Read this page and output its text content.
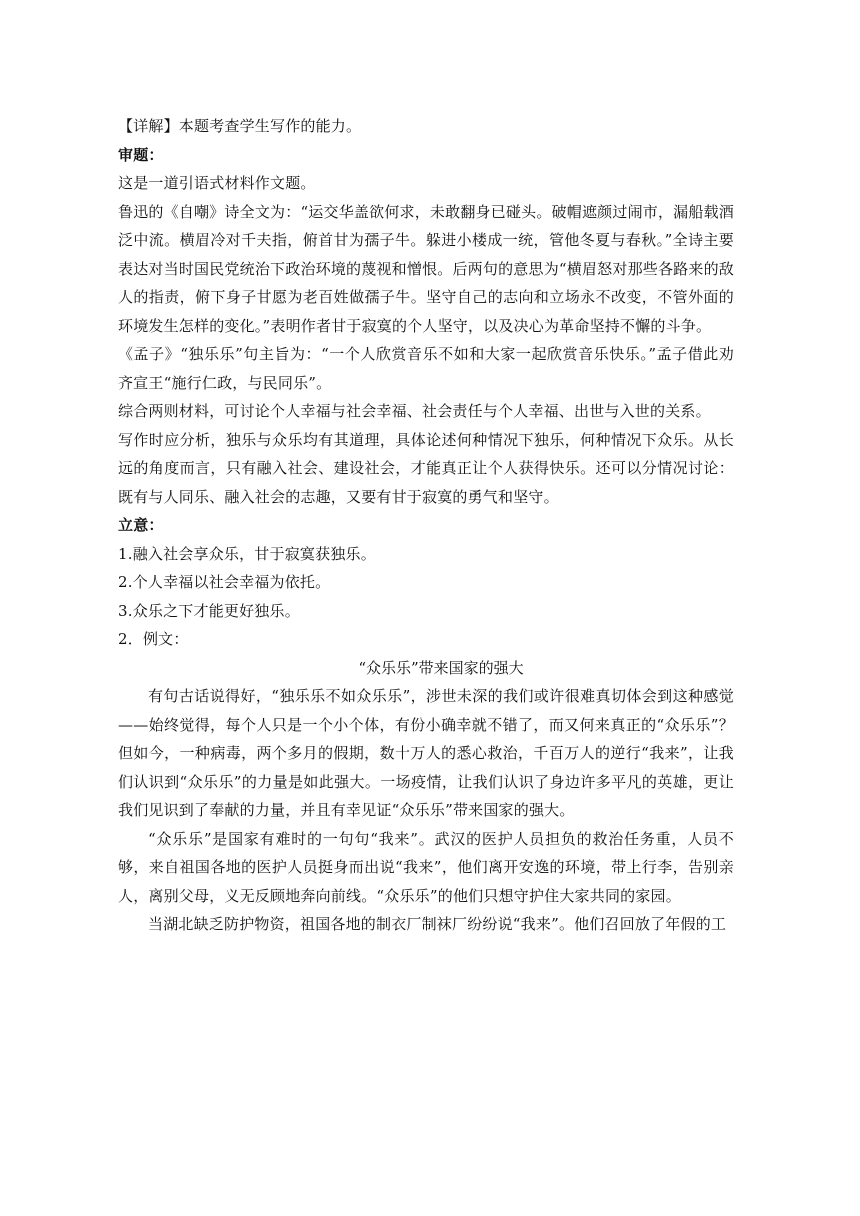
【详解】本题考查学生写作的能力。

审题：

这是一道引语式材料作文题。

鲁迅的《自嘲》诗全文为：“运交华盖欲何求，未敢翻身已碰头。破帽遮颜过闹市，漏船载酒泛中流。横眉冷对千夫指，俯首甘为孺子牛。躲进小楼成一统，管他冬夏与春秋。”全诗主要表达对当时国民党统治下政治环境的蔑视和憎恨。后两句的意思为“横眉怒对那些各路来的敌人的指责，俯下身子甘愿为老百姓做孺子牛。坚守自己的志向和立场永不改变，不管外面的环境发生怎样的变化。”表明作者甘于寂寞的个人坚守，以及决心为革命坚持不懈的斗争。

《孟子》“独乐乐”句主旨为：“一个人欣赏音乐不如和大家一起欣赏音乐快乐。”孟子借此劝齐宣王“施行仁政，与民同乐”。

综合两则材料，可讨论个人幸福与社会幸福、社会责任与个人幸福、出世与入世的关系。

写作时应分析，独乐与众乐均有其道理，具体论述何种情况下独乐，何种情况下众乐。从长远的角度而言，只有融入社会、建设社会，才能真正让个人获得快乐。还可以分情况讨论：既有与人同乐、融入社会的志趣，又要有甘于寂寞的勇气和坚守。

立意：

1.融入社会享众乐，甘于寂寞获独乐。

2.个人幸福以社会幸福为依托。

3.众乐之下才能更好独乐。

2．例文：

“众乐乐”带来国家的强大

有句古话说得好，“独乐乐不如众乐乐”，涉世未深的我们或许很难真切体会到这种感觉——始终觉得，每个人只是一个小个体，有份小确幸就不错了，而又何来真正的“众乐乐”？但如今，一种病毒，两个多月的假期，数十万人的悉心救治，千百万人的逆行“我来”，让我们认识到“众乐乐”的力量是如此强大。一场疫情，让我们认识了身边许多平凡的英雄，更让我们见识到了奉献的力量，并且有幸见证“众乐乐”带来国家的强大。

“众乐乐”是国家有难时的一句句“我来”。武汉的医护人员担负的救治任务重，人员不够，来自祖国各地的医护人员挺身而出说“我来”，他们离开安逸的环境，带上行李，告别亲人，离别父母，义无反顾地奔向前线。“众乐乐”的他们只想守护住大家共同的家园。

当湖北缺乏防护物资，祖国各地的制衣厂制袜厂纷纷说“我来”。他们召回放了年假的工
